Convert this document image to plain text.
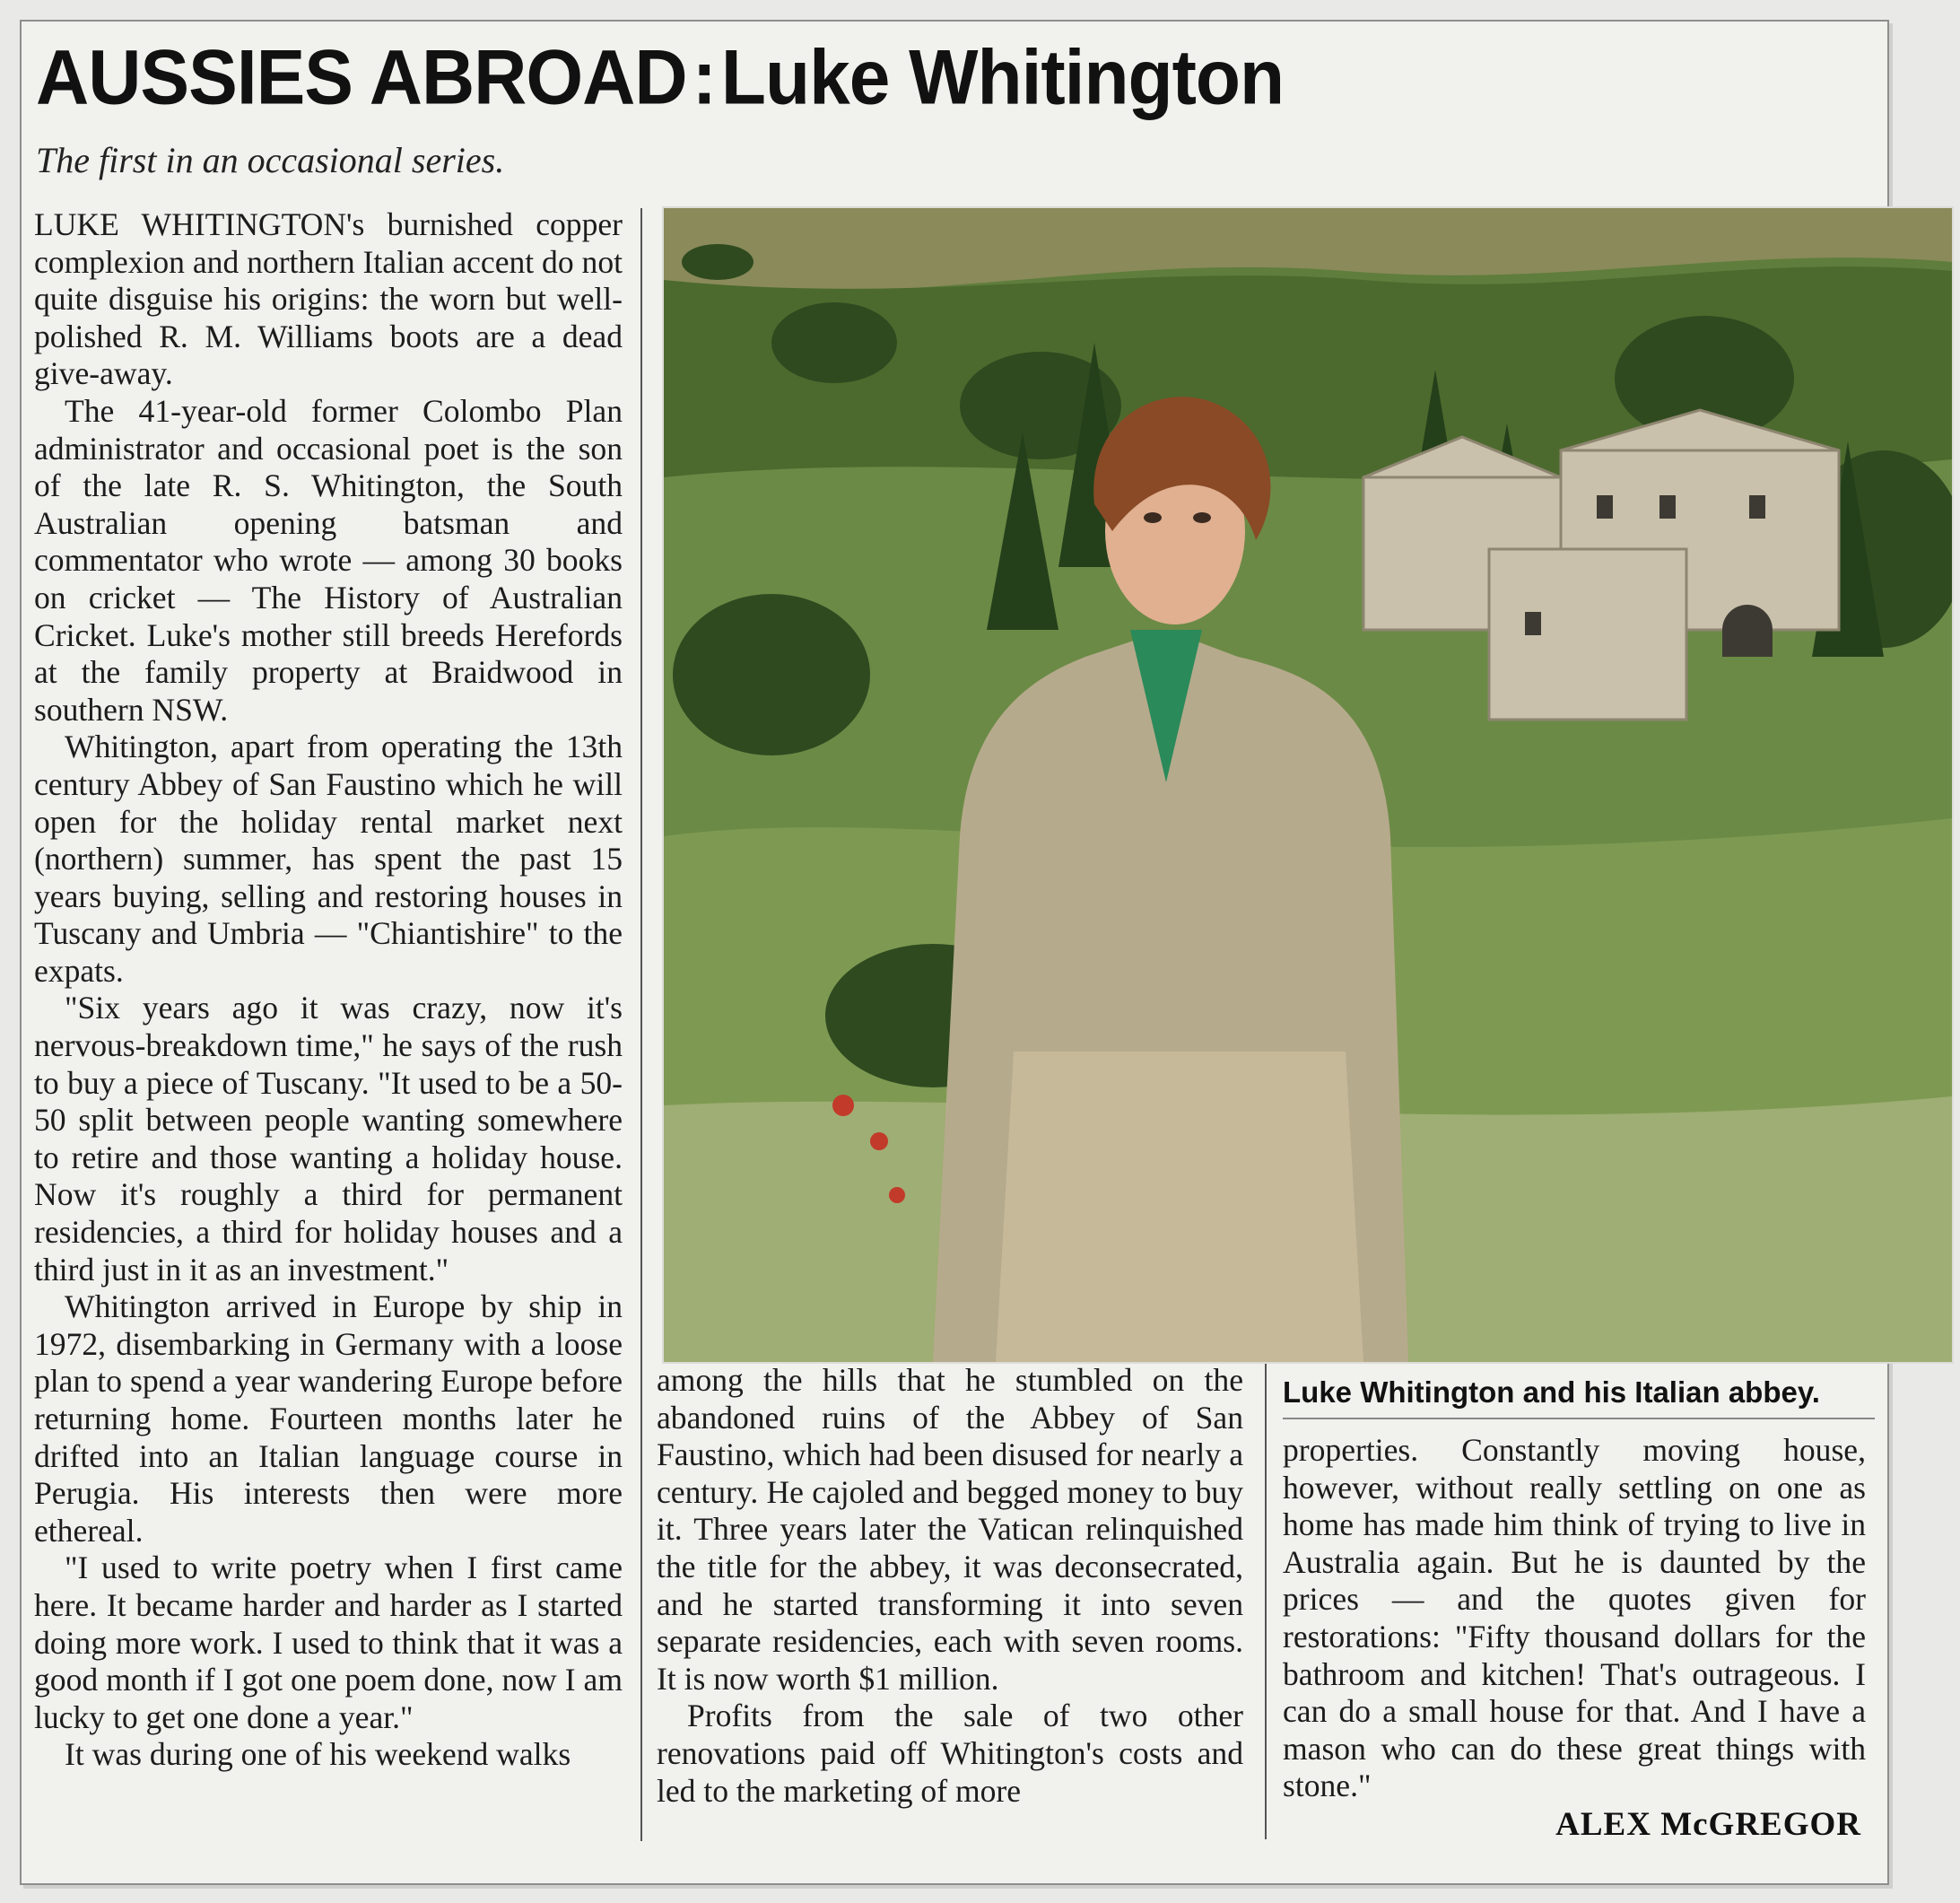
AUSSIES ABROAD:Luke Whitington
The first in an occasional series.

LUKE WHITINGTON's burnished copper complexion and northern Italian accent do not quite disguise his origins: the worn but well-polished R. M. Williams boots are a dead give-away.

The 41-year-old former Colombo Plan administrator and occasional poet is the son of the late R. S. Whitington, the South Australian opening batsman and commentator who wrote — among 30 books on cricket — The History of Australian Cricket. Luke's mother still breeds Herefords at the family property at Braidwood in southern NSW.

Whitington, apart from operating the 13th century Abbey of San Faustino which he will open for the holiday rental market next (northern) summer, has spent the past 15 years buying, selling and restoring houses in Tuscany and Umbria — "Chiantishire" to the expats.

"Six years ago it was crazy, now it's nervous-breakdown time," he says of the rush to buy a piece of Tuscany. "It used to be a 50-50 split between people wanting somewhere to retire and those wanting a holiday house. Now it's roughly a third for permanent residencies, a third for holiday houses and a third just in it as an investment."

Whitington arrived in Europe by ship in 1972, disembarking in Germany with a loose plan to spend a year wandering Europe before returning home. Fourteen months later he drifted into an Italian language course in Perugia. His interests then were more ethereal.

"I used to write poetry when I first came here. It became harder and harder as I started doing more work. I used to think that it was a good month if I got one poem done, now I am lucky to get one done a year."

It was during one of his weekend walks

among the hills that he stumbled on the abandoned ruins of the Abbey of San Faustino, which had been disused for nearly a century. He cajoled and begged money to buy it. Three years later the Vatican relinquished the title for the abbey, it was deconsecrated, and he started transforming it into seven separate residencies, each with seven rooms. It is now worth $1 million.

Profits from the sale of two other renovations paid off Whitington's costs and led to the marketing of more

Luke Whitington and his Italian abbey.

properties. Constantly moving house, however, without really settling on one as home has made him think of trying to live in Australia again. But he is daunted by the prices — and the quotes given for restorations: "Fifty thousand dollars for the bathroom and kitchen! That's outrageous. I can do a small house for that. And I have a mason who can do these great things with stone."

ALEX McGREGOR
